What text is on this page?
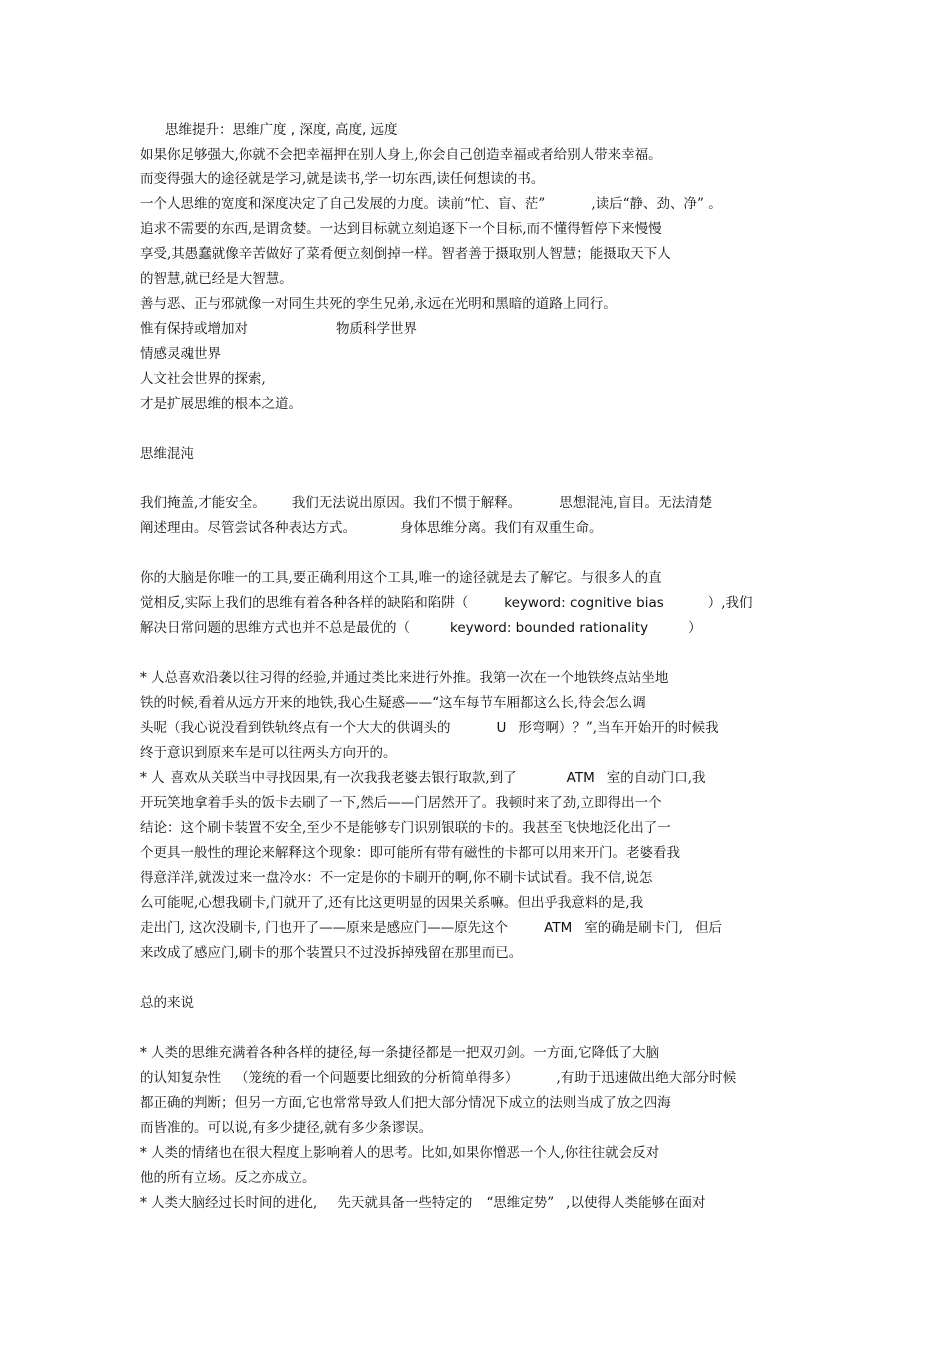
思维提升：思维广度 , 深度, 高度, 远度
如果你足够强大,你就不会把幸福押在别人身上,你会自己创造幸福或者给别人带来幸福。
而变得强大的途径就是学习,就是读书,学一切东西,读任何想读的书。
一个人思维的宽度和深度决定了自己发展的力度。读前“忙、盲、茫”	,读后“静、劲、净” 。
追求不需要的东西,是谓贪婪。一达到目标就立刻追逐下一个目标,而不懂得暂停下来慢慢
享受,其愚蠢就像辛苦做好了菜肴便立刻倒掉一样。智者善于摄取别人智慧；能摄取天下人
的智慧,就已经是大智慧。
善与恶、正与邪就像一对同生共死的孪生兄弟,永远在光明和黑暗的道路上同行。
惟有保持或增加对	物质科学世界
情感灵魂世界
人文社会世界的探索,
才是扩展思维的根本之道。
思维混沌
我们掩盖,才能安全。 我们无法说出原因。我们不惯于解释。	思想混沌,盲目。无法清楚
阐述理由。尽管尝试各种表达方式。	身体思维分离。我们有双重生命。
你的大脑是你唯一的工具,要正确利用这个工具,唯一的途径就是去了解它。与很多人的直
觉相反,实际上我们的思维有着各种各样的缺陷和陷阱（	keyword: cognitive bias	）,我们
解决日常问题的思维方式也并不总是最优的（	keyword: bounded rationality	）
* 人总喜欢沿袭以往习得的经验,并通过类比来进行外推。我第一次在一个地铁终点站坐地
铁的时候,看着从远方开来的地铁,我心生疑惑——“这车每节车厢都这么长,待会怎么调
头呢（我心说没看到铁轨终点有一个大大的供调头的	U 形弯啊）？”,当车开始开的时候我
终于意识到原来车是可以往两头方向开的。
* 人 喜欢从关联当中寻找因果,有一次我我老婆去银行取款,到了	ATM 室的自动门口,我
开玩笑地拿着手头的饭卡去刷了一下,然后——门居然开了。我顿时来了劲,立即得出一个
结论：这个刷卡装置不安全,至少不是能够专门识别银联的卡的。我甚至飞快地泛化出了一
个更具一般性的理论来解释这个现象：即可能所有带有磁性的卡都可以用来开门。老婆看我
得意洋洋,就泼过来一盘冷水：不一定是你的卡刷开的啊,你不刷卡试试看。我不信,说怎
么可能呢,心想我刷卡,门就开了,还有比这更明显的因果关系嘛。但出乎我意料的是,我
走出门, 这次没刷卡, 门也开了——原来是感应门——原先这个	ATM 室的确是刷卡门, 但后
来改成了感应门,刷卡的那个装置只不过没拆掉残留在那里而已。
总的来说
* 人类的思维充满着各种各样的捷径,每一条捷径都是一把双刃剑。一方面,它降低了大脑
的认知复杂性 （笼统的看一个问题要比细致的分析简单得多）	,有助于迅速做出绝大部分时候
都正确的判断；但另一方面,它也常常导致人们把大部分情况下成立的法则当成了放之四海
而皆准的。可以说,有多少捷径,就有多少条谬误。
* 人类的情绪也在很大程度上影响着人的思考。比如,如果你憎恶一个人,你往往就会反对
他的所有立场。反之亦成立。
* 人类大脑经过长时间的进化, 先天就具备一些特定的 “思维定势” ,以使得人类能够在面对
